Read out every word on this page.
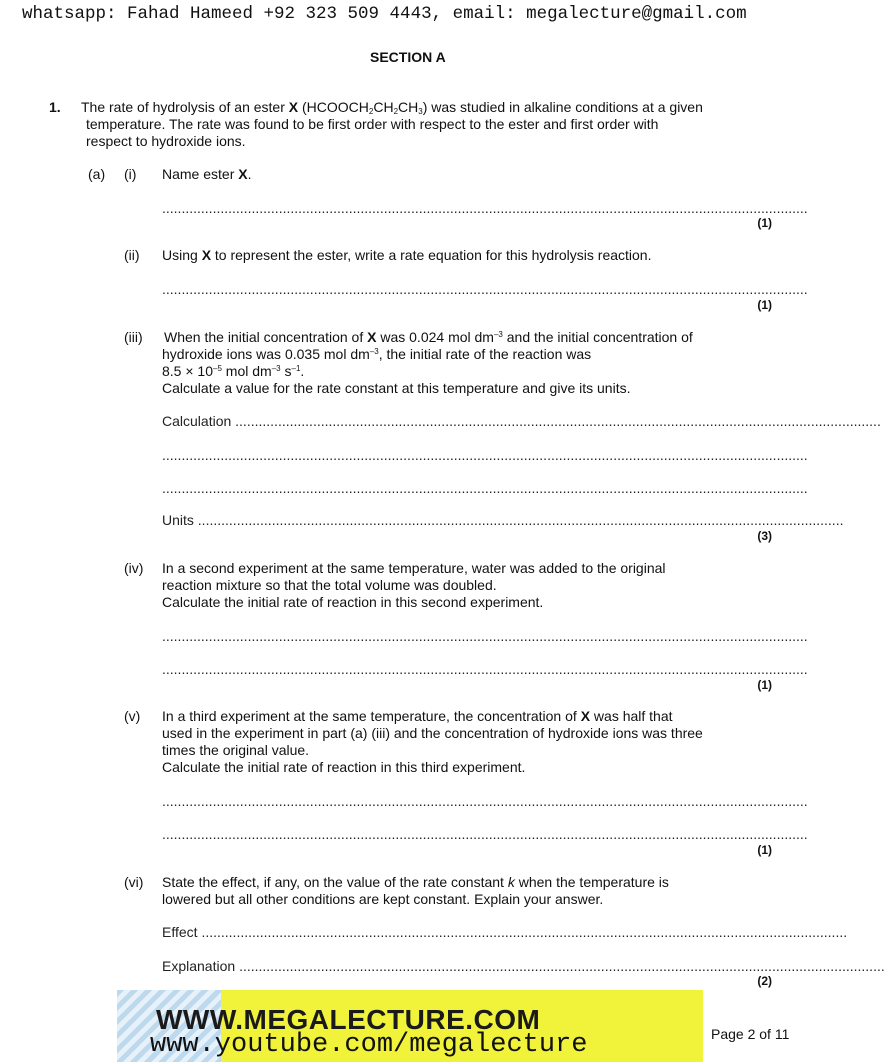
whatsapp: Fahad Hameed +92 323 509 4443, email: megalecture@gmail.com
SECTION A
1. The rate of hydrolysis of an ester X $(HCOOCH_2CH_2CH_3)$ was studied in alkaline conditions at a given
temperature. The rate was found to be first order with respect to the ester and first order with
respect to hydroxide ions.
(a) (i) Name ester X.
......................................................................................................................................................................
(1)
(ii) Using X to represent the ester, write a rate equation for this hydrolysis reaction.
......................................................................................................................................................................
(1)
(iii) When the initial concentration of X was 0.024 mol $dm^{-3}$ and the initial concentration of
hydroxide ions was 0.035 mol $dm^{-3}$, the initial rate of the reaction was
$8.5 \times 10^{-5}$ mol $dm^{-3}$ $s^{-1}$.
Calculate a value for the rate constant at this temperature and give its units.
Calculation ......................................................................................................................................................................
......................................................................................................................................................................
......................................................................................................................................................................
Units ......................................................................................................................................................................
(3)
(iv) In a second experiment at the same temperature, water was added to the original
reaction mixture so that the total volume was doubled.
Calculate the initial rate of reaction in this second experiment.
......................................................................................................................................................................
......................................................................................................................................................................
(1)
(v) In a third experiment at the same temperature, the concentration of X was half that
used in the experiment in part (a) (iii) and the concentration of hydroxide ions was three
times the original value.
Calculate the initial rate of reaction in this third experiment.
......................................................................................................................................................................
......................................................................................................................................................................
(1)
(vi) State the effect, if any, on the value of the rate constant k when the temperature is
lowered but all other conditions are kept constant. Explain your answer.
Effect ......................................................................................................................................................................
Explanation ......................................................................................................................................................................
(2)
WWW.MEGALECTURE.COM
www.youtube.com/megalecture	Page 2 of 11
